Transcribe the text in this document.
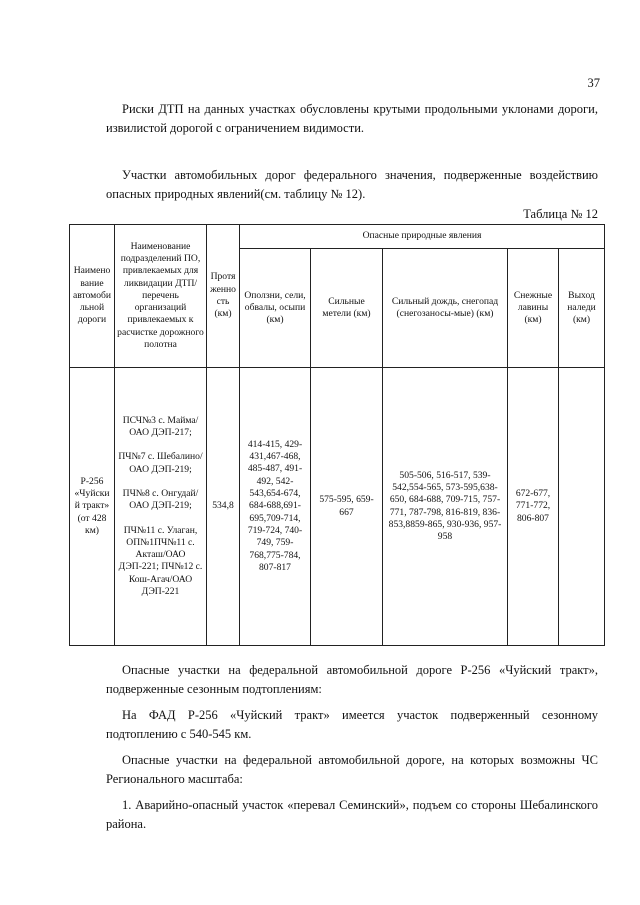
37
Риски ДТП на данных участках обусловлены крутыми продольными уклонами дороги, извилистой дорогой с ограничением видимости.
Участки автомобильных дорог федерального значения, подверженные воздействию опасных природных явлений(см. таблицу № 12).
Таблица № 12
Наименование автомобильной дороги	Наименование подразделений ПО, привлекаемых для ликвидации ДТП/перечень организаций привлекаемых к расчистке дорожного полотна	Протяженность (км)	Опасные природные явления				
			Оползни, сели, обвалы, осыпи (км)	Сильные метели (км)	Сильный дождь, снегопад (снегозаносы-мые) (км)	Снежные лавины (км)	Выход наледи (км)
Р-256 «Чуйский тракт» (от 428 км)	ПСЧ№3 с. Майма/ОАО ДЭП-217;
ПЧ№7 с. Шебалино/ОАО ДЭП-219;
ПЧ№8 с. Онгудай/ ОАО ДЭП-219;
ПЧ№11 с. Улаган, ОП№1ПЧ№11 с. Акташ/ОАО ДЭП-221; ПЧ№12 с. Кош-Агач/ОАО ДЭП-221	534,8	414-415, 429-431,467-468, 485-487, 491-492, 542-543,654-674, 684-688,691-695,709-714, 719-724, 740-749, 759-768,775-784, 807-817	575-595, 659-667	505-506, 516-517, 539-542,554-565, 573-595,638-650, 684-688, 709-715, 757-771, 787-798, 816-819, 836-853,8859-865, 930-936, 957-958	672-677, 771-772, 806-807	
Опасные участки на федеральной автомобильной дороге Р-256 «Чуйский тракт», подверженные сезонным подтоплениям:
На ФАД Р-256 «Чуйский тракт» имеется участок подверженный сезонному подтоплению с 540-545 км.
Опасные участки на федеральной автомобильной дороге, на которых возможны ЧС Регионального масштаба:
1. Аварийно-опасный участок «перевал Семинский», подъем со стороны Шебалинского района.
